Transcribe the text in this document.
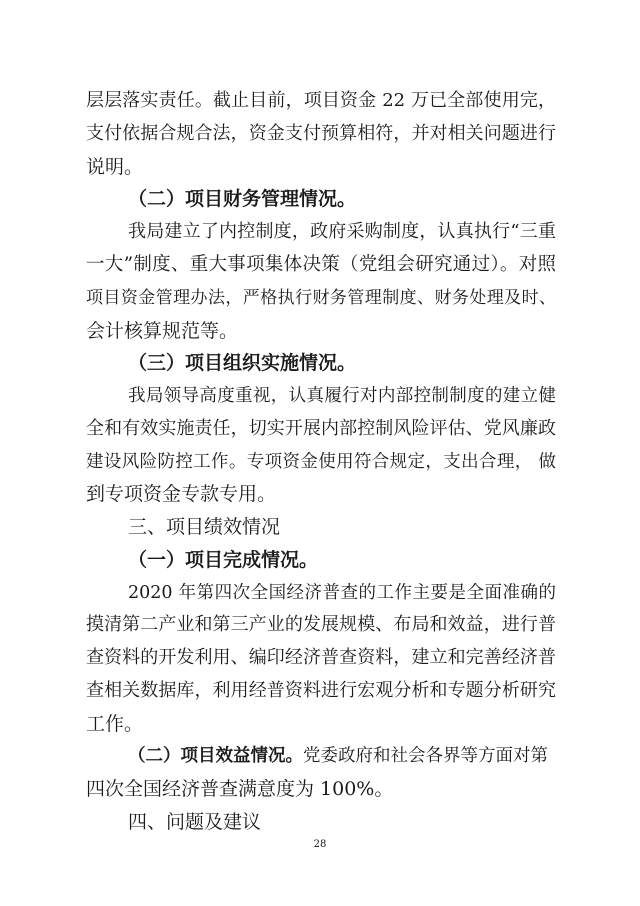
层层落实责任。截止目前，项目资金 22 万已全部使用完，
支付依据合规合法，资金支付预算相符，并对相关问题进行
说明。
（二）项目财务管理情况。
我局建立了内控制度，政府采购制度，认真执行“三重
一大”制度、重大事项集体决策（党组会研究通过）。对照
项目资金管理办法，严格执行财务管理制度、财务处理及时、
会计核算规范等。
（三）项目组织实施情况。
我局领导高度重视，认真履行对内部控制制度的建立健
全和有效实施责任，切实开展内部控制风险评估、党风廉政
建设风险防控工作。专项资金使用符合规定，支出合理， 做
到专项资金专款专用。
三、项目绩效情况
（一）项目完成情况。
2020 年第四次全国经济普查的工作主要是全面准确的
摸清第二产业和第三产业的发展规模、布局和效益，进行普
查资料的开发利用、编印经济普查资料，建立和完善经济普
查相关数据库，利用经普资料进行宏观分析和专题分析研究
工作。
（二）项目效益情况。党委政府和社会各界等方面对第
四次全国经济普查满意度为 100%。
四、问题及建议
28
